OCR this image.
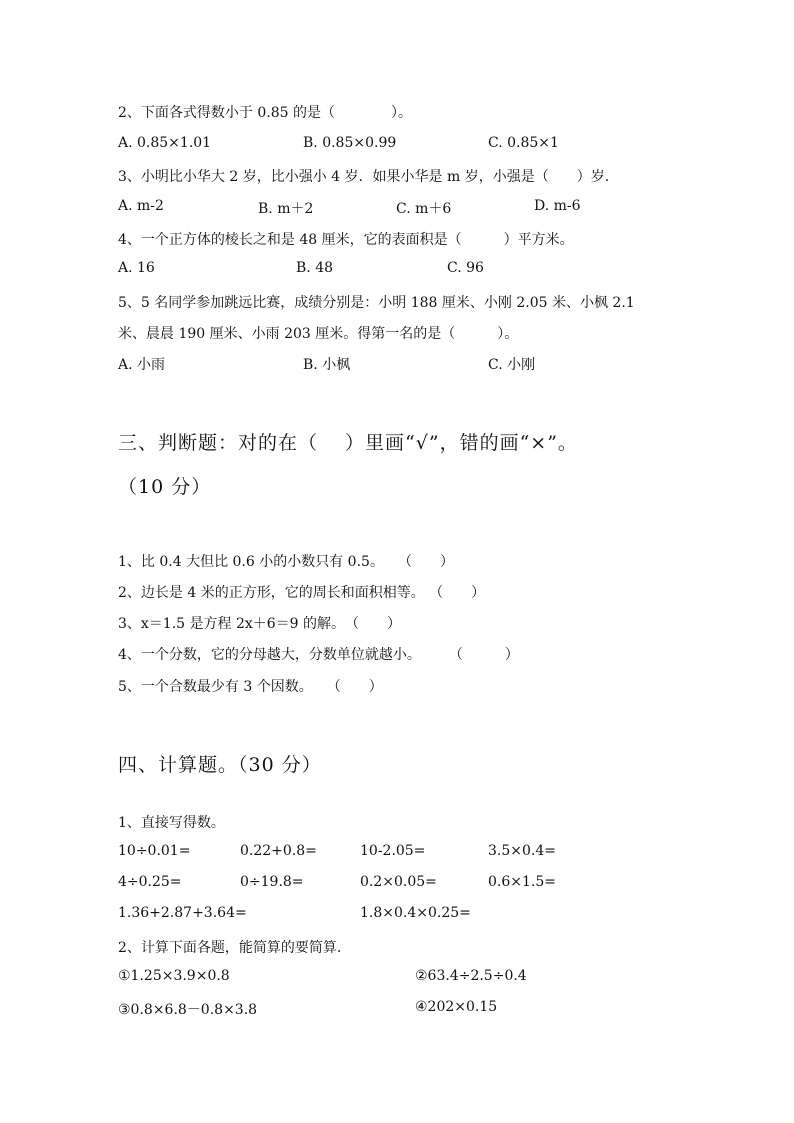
2、下面各式得数小于 0.85 的是（　　　　）。
A. 0.85×1.01	B. 0.85×0.99	C. 0.85×1
3、小明比小华大 2 岁，比小强小 4 岁．如果小华是 m 岁，小强是（　　）岁．
A. m-2	B. m＋2	C. m＋6	D. m-6
4、一个正方体的棱长之和是 48 厘米，它的表面积是（　　　）平方米。
A. 16	B. 48	C. 96
5、5 名同学参加跳远比赛，成绩分别是：小明 188 厘米、小刚 2.05 米、小枫 2.1
米、晨晨 190 厘米、小雨 203 厘米。得第一名的是（　　　）。
A. 小雨	B. 小枫	C. 小刚
三、判断题：对的在（　 ）里画“√”，错的画“×”。
（10 分）
1、比 0.4 大但比 0.6 小的小数只有 0.5。　　（　　）
2、边长是 4 米的正方形，它的周长和面积相等。 （　　）
3、x＝1.5 是方程 2x＋6＝9 的解。　（　　）
4、一个分数，它的分母越大，分数单位就越小。　　　（　　　）
5、一个合数最少有 3 个因数。　　（　　）
四、计算题。（30 分）
1、直接写得数。
10÷0.01=	0.22+0.8=	10-2.05=	3.5×0.4=
4÷0.25=	0÷19.8=	0.2×0.05=	0.6×1.5=
1.36+2.87+3.64=	1.8×0.4×0.25=
2、计算下面各题，能简算的要简算.
①1.25×3.9×0.8	②63.4÷2.5÷0.4
③0.8×6.8－0.8×3.8	④202×0.15
